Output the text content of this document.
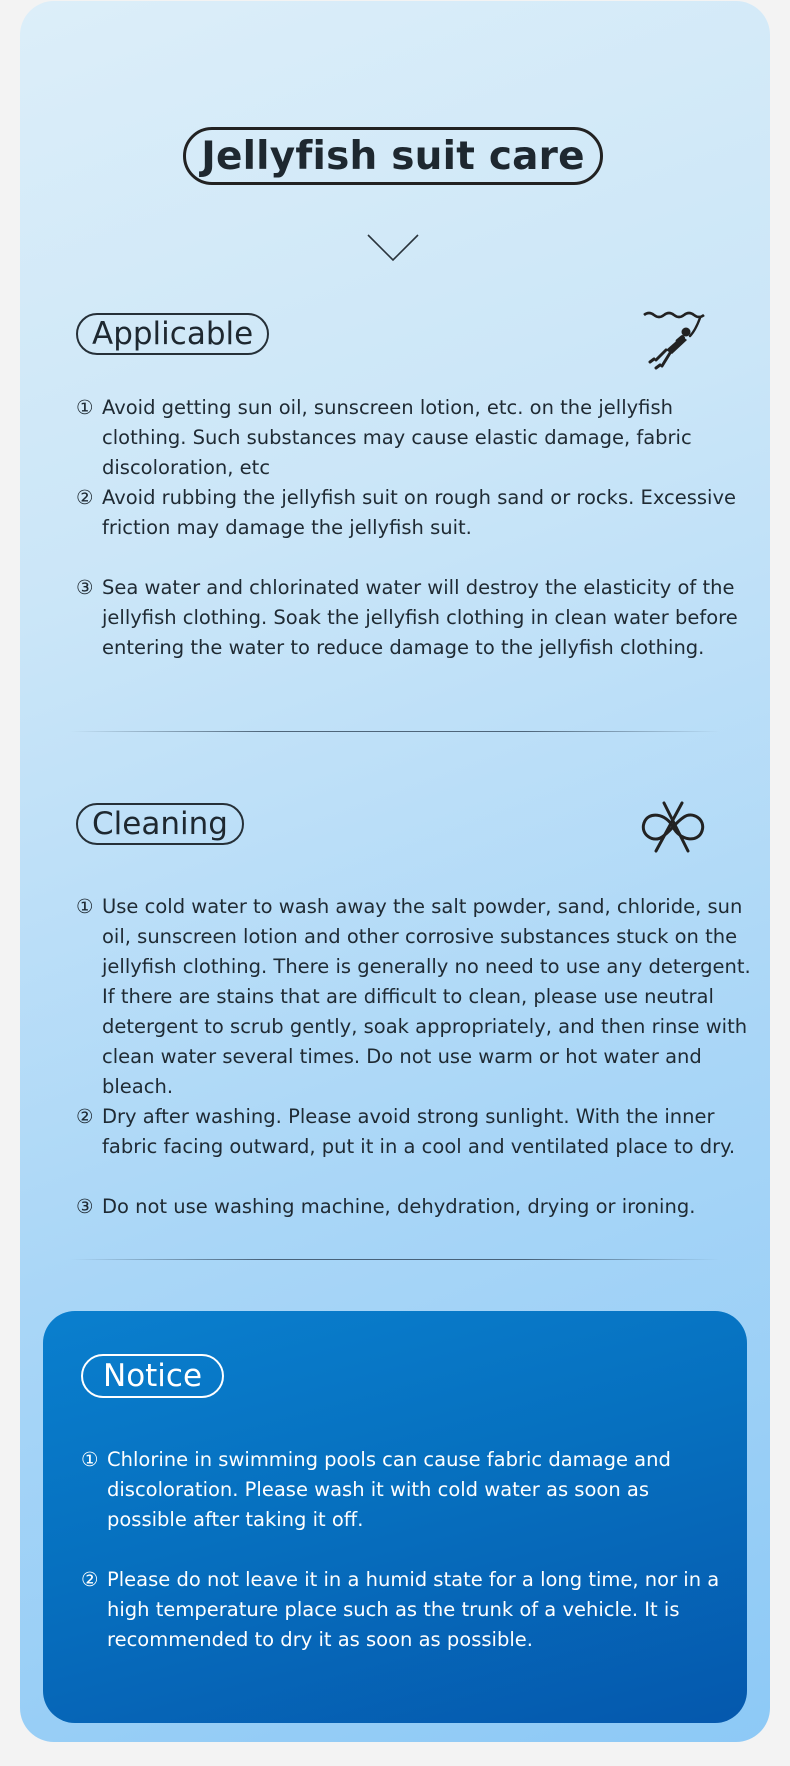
Jellyfish suit care
Applicable
① Avoid getting sun oil, sunscreen lotion, etc. on the jellyfish clothing. Such substances may cause elastic damage, fabric discoloration, etc
② Avoid rubbing the jellyfish suit on rough sand or rocks. Excessive friction may damage the jellyfish suit.
③ Sea water and chlorinated water will destroy the elasticity of the jellyfish clothing. Soak the jellyfish clothing in clean water before entering the water to reduce damage to the jellyfish clothing.
Cleaning
① Use cold water to wash away the salt powder, sand, chloride, sun oil, sunscreen lotion and other corrosive substances stuck on the jellyfish clothing. There is generally no need to use any detergent. If there are stains that are difficult to clean, please use neutral detergent to scrub gently, soak appropriately, and then rinse with clean water several times. Do not use warm or hot water and bleach.
② Dry after washing. Please avoid strong sunlight. With the inner fabric facing outward, put it in a cool and ventilated place to dry.
③ Do not use washing machine, dehydration, drying or ironing.
Notice
① Chlorine in swimming pools can cause fabric damage and discoloration. Please wash it with cold water as soon as possible after taking it off.
② Please do not leave it in a humid state for a long time, nor in a high temperature place such as the trunk of a vehicle. It is recommended to dry it as soon as possible.
